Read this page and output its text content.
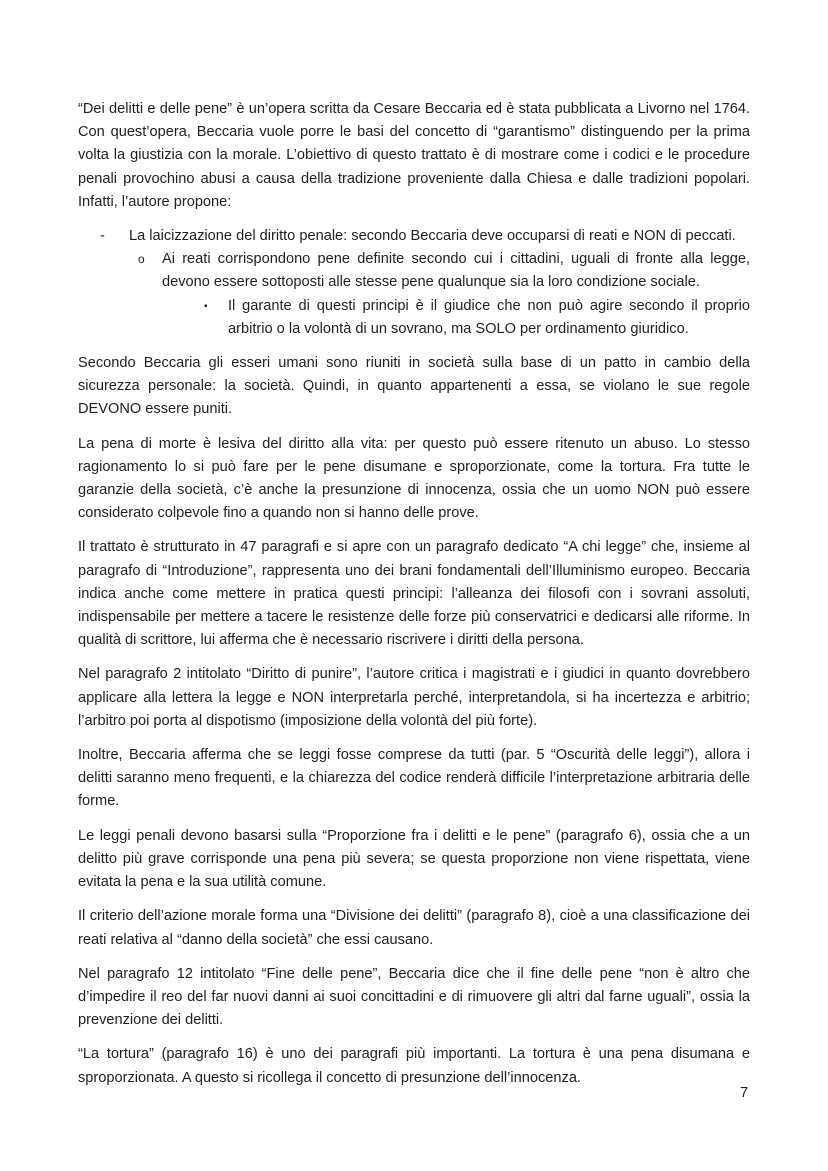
“Dei delitti e delle pene” è un’opera scritta da Cesare Beccaria ed è stata pubblicata a Livorno nel 1764. Con quest’opera, Beccaria vuole porre le basi del concetto di “garantismo” distinguendo per la prima volta la giustizia con la morale. L’obiettivo di questo trattato è di mostrare come i codici e le procedure penali provochino abusi a causa della tradizione proveniente dalla Chiesa e dalle tradizioni popolari. Infatti, l’autore propone:

-	La laicizzazione del diritto penale: secondo Beccaria deve occuparsi di reati e NON di peccati.
o	Ai reati corrispondono pene definite secondo cui i cittadini, uguali di fronte alla legge, devono essere sottoposti alle stesse pene qualunque sia la loro condizione sociale.
▪	Il garante di questi principi è il giudice che non può agire secondo il proprio arbitrio o la volontà di un sovrano, ma SOLO per ordinamento giuridico.

Secondo Beccaria gli esseri umani sono riuniti in società sulla base di un patto in cambio della sicurezza personale: la società. Quindi, in quanto appartenenti a essa, se violano le sue regole DEVONO essere puniti.

La pena di morte è lesiva del diritto alla vita: per questo può essere ritenuto un abuso. Lo stesso ragionamento lo si può fare per le pene disumane e sproporzionate, come la tortura. Fra tutte le garanzie della società, c’è anche la presunzione di innocenza, ossia che un uomo NON può essere considerato colpevole fino a quando non si hanno delle prove.

Il trattato è strutturato in 47 paragrafi e si apre con un paragrafo dedicato “A chi legge” che, insieme al paragrafo di “Introduzione”, rappresenta uno dei brani fondamentali dell’Illuminismo europeo. Beccaria indica anche come mettere in pratica questi principi: l’alleanza dei filosofi con i sovrani assoluti, indispensabile per mettere a tacere le resistenze delle forze più conservatrici e dedicarsi alle riforme. In qualità di scrittore, lui afferma che è necessario riscrivere i diritti della persona.

Nel paragrafo 2 intitolato “Diritto di punire”, l’autore critica i magistrati e i giudici in quanto dovrebbero applicare alla lettera la legge e NON interpretarla perché, interpretandola, si ha incertezza e arbitrio; l’arbitro poi porta al dispotismo (imposizione della volontà del più forte).

Inoltre, Beccaria afferma che se leggi fosse comprese da tutti (par. 5 “Oscurità delle leggi”), allora i delitti saranno meno frequenti, e la chiarezza del codice renderà difficile l’interpretazione arbitraria delle forme.

Le leggi penali devono basarsi sulla “Proporzione fra i delitti e le pene” (paragrafo 6), ossia che a un delitto più grave corrisponde una pena più severa; se questa proporzione non viene rispettata, viene evitata la pena e la sua utilità comune.

Il criterio dell’azione morale forma una “Divisione dei delitti” (paragrafo 8), cioè a una classificazione dei reati relativa al “danno della società” che essi causano.

Nel paragrafo 12 intitolato “Fine delle pene”, Beccaria dice che il fine delle pene “non è altro che d’impedire il reo del far nuovi danni ai suoi concittadini e di rimuovere gli altri dal farne uguali”, ossia la prevenzione dei delitti.

“La tortura” (paragrafo 16) è uno dei paragrafi più importanti. La tortura è una pena disumana e sproporzionata. A questo si ricollega il concetto di presunzione dell’innocenza.

7
